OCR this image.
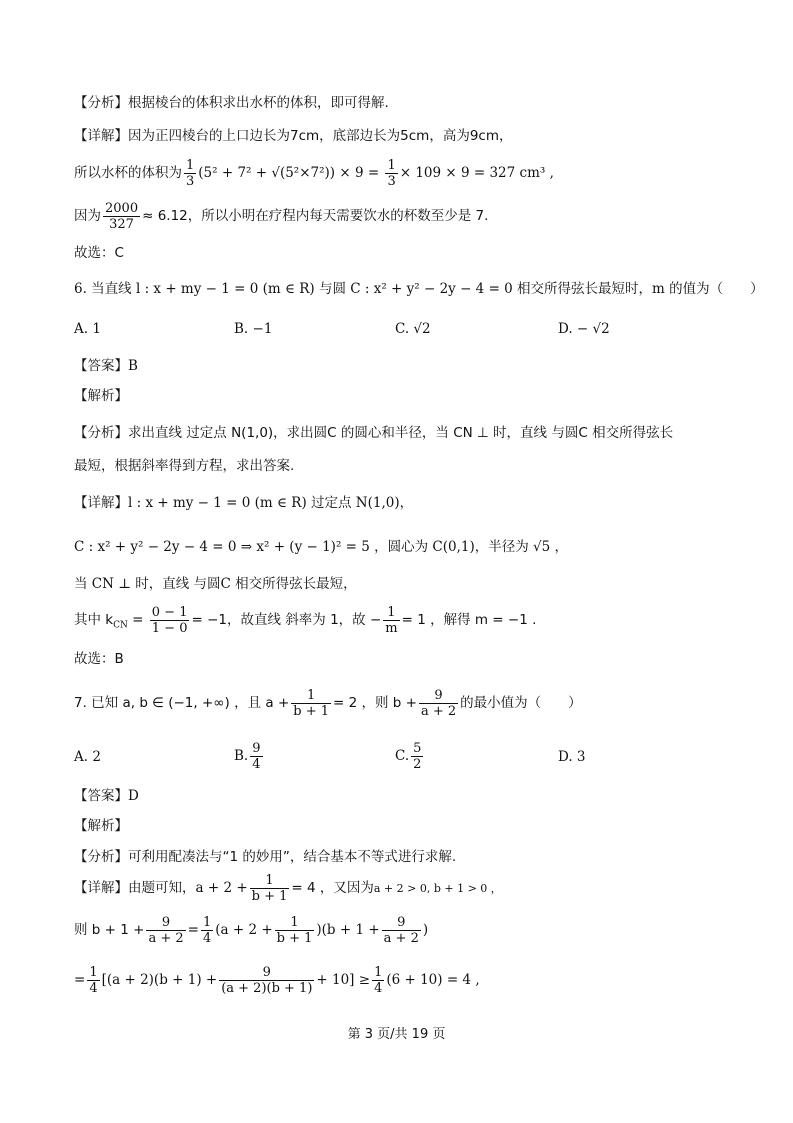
【分析】根据棱台的体积求出水杯的体积，即可得解.
【详解】因为正四棱台的上口边长为7cm，底部边长为5cm，高为9cm，
所以水杯的体积为 $\frac{1}{3} (5^2 + 7^2 + √(5^2\times 7^2)) \times 9 = \frac{1}{3} \times 109 \times 9 = 327$ cm³ ,
因为 $\frac{2000}{327} \approx 6.12$，所以小明在疗程内每天需要饮水的杯数至少是 7.
故选：C
6. 当直线 l : x + my − 1 = 0 (m ∈ R) 与圆 C : x² + y² − 2y − 4 = 0 相交所得弦长最短时，m 的值为（　　）
A. 1	B. −1	C. √2	D. − √2
【答案】B
【解析】
【分析】求出直线 过定点 N(1,0)，求出圆C 的圆心和半径，当 CN ⊥ 时，直线 与圆C 相交所得弦长
最短，根据斜率得到方程，求出答案.
【详解】l : x + my − 1 = 0 (m ∈ R) 过定点 N(1,0)，
C : x² + y² − 2y − 4 = 0 ⇒ x² + (y − 1)² = 5 ，圆心为 C(0,1)，半径为 √5 ，
当 CN ⊥ 时，直线 与圆C 相交所得弦长最短，
其中 $k_{CN} = \frac{0 - 1}{1 - 0} = -1$，故直线 斜率为 1，故 − $\frac{1}{m} = 1$ ，解得 m = −1 .
故选：B
7. 已知 a, b ∈ (−1, +∞) ，且 $a + \frac{1}{b + 1} = 2$ ，则 $b + \frac{9}{a + 2}$ 的最小值为（　　）
A. 2	B. $\frac{9}{4}$	C. $\frac{5}{2}$	D. 3
【答案】D
【解析】
【分析】可利用配凑法与“1 的妙用”，结合基本不等式进行求解.
【详解】由题可知，$a + 2 + \frac{1}{b + 1} = 4$ ，又因为a + 2 > 0, b + 1 > 0 ，
则 $b + 1 + \frac{9}{a + 2} = \frac{1}{4} (a + 2 + \frac{1}{b + 1} )(b + 1 + \frac{9}{a + 2}$ )
= $\frac{1}{4} [(a + 2)(b + 1) + \frac{9}{(a + 2)(b + 1)} + 10] \ge \frac{1}{4} (6 + 10) = 4$ ,
第 3 页/共 19 页
